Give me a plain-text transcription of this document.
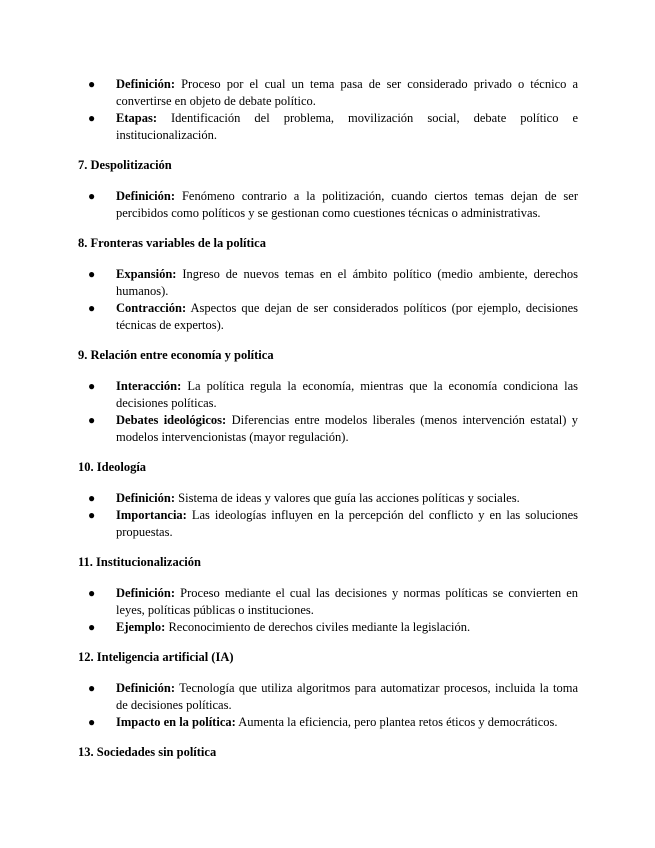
● Definición: Proceso por el cual un tema pasa de ser considerado privado o técnico a convertirse en objeto de debate político.
● Etapas: Identificación del problema, movilización social, debate político e institucionalización.
7. Despolitización
● Definición: Fenómeno contrario a la politización, cuando ciertos temas dejan de ser percibidos como políticos y se gestionan como cuestiones técnicas o administrativas.
8. Fronteras variables de la política
● Expansión: Ingreso de nuevos temas en el ámbito político (medio ambiente, derechos humanos).
● Contracción: Aspectos que dejan de ser considerados políticos (por ejemplo, decisiones técnicas de expertos).
9. Relación entre economía y política
● Interacción: La política regula la economía, mientras que la economía condiciona las decisiones políticas.
● Debates ideológicos: Diferencias entre modelos liberales (menos intervención estatal) y modelos intervencionistas (mayor regulación).
10. Ideología
● Definición: Sistema de ideas y valores que guía las acciones políticas y sociales.
● Importancia: Las ideologías influyen en la percepción del conflicto y en las soluciones propuestas.
11. Institucionalización
● Definición: Proceso mediante el cual las decisiones y normas políticas se convierten en leyes, políticas públicas o instituciones.
● Ejemplo: Reconocimiento de derechos civiles mediante la legislación.
12. Inteligencia artificial (IA)
● Definición: Tecnología que utiliza algoritmos para automatizar procesos, incluida la toma de decisiones políticas.
● Impacto en la política: Aumenta la eficiencia, pero plantea retos éticos y democráticos.
13. Sociedades sin política
